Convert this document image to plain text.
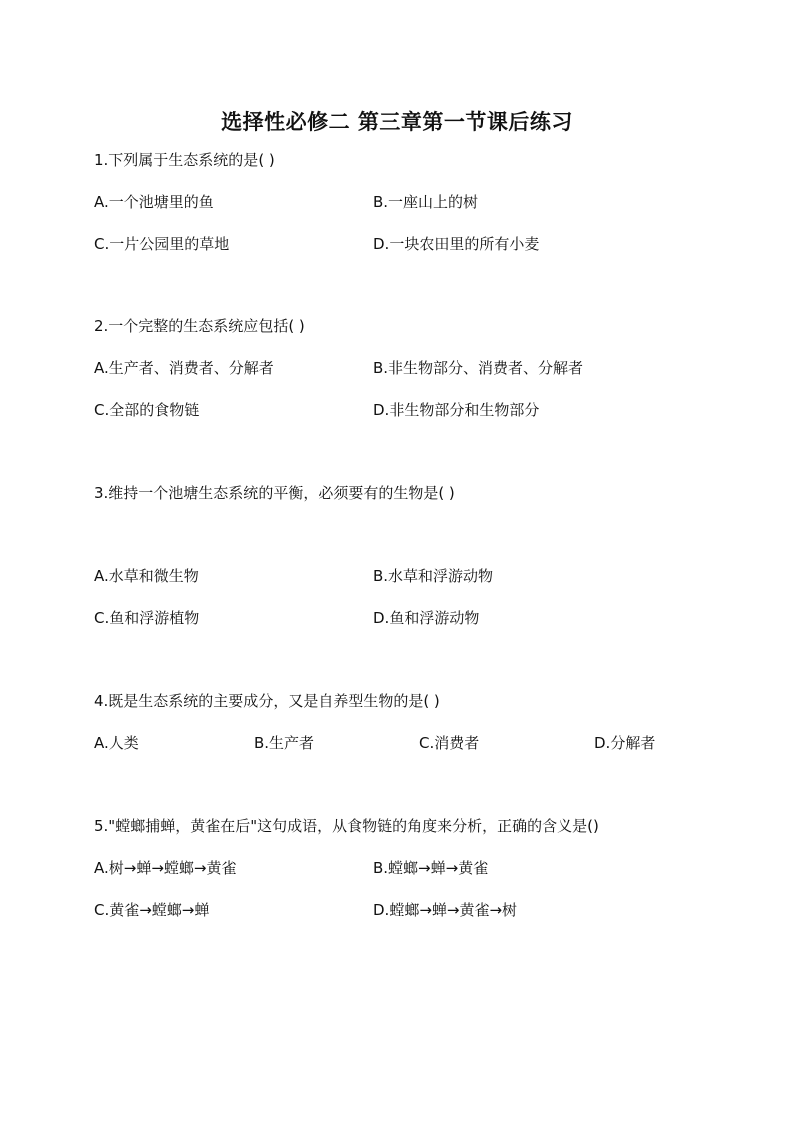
选择性必修二 第三章第一节课后练习
1.下列属于生态系统的是( )
A.一个池塘里的鱼	B.一座山上的树
C.一片公园里的草地	D.一块农田里的所有小麦
2.一个完整的生态系统应包括( )
A.生产者、消费者、分解者	B.非生物部分、消费者、分解者
C.全部的食物链	D.非生物部分和生物部分
3.维持一个池塘生态系统的平衡，必须要有的生物是( )
A.水草和微生物	B.水草和浮游动物
C.鱼和浮游植物	D.鱼和浮游动物
4.既是生态系统的主要成分，又是自养型生物的是( )
A.人类	B.生产者	C.消费者	D.分解者
5."螳螂捕蝉，黄雀在后"这句成语，从食物链的角度来分析，正确的含义是()
A.树→蝉→螳螂→黄雀	B.螳螂→蝉→黄雀
C.黄雀→螳螂→蝉	D.螳螂→蝉→黄雀→树
